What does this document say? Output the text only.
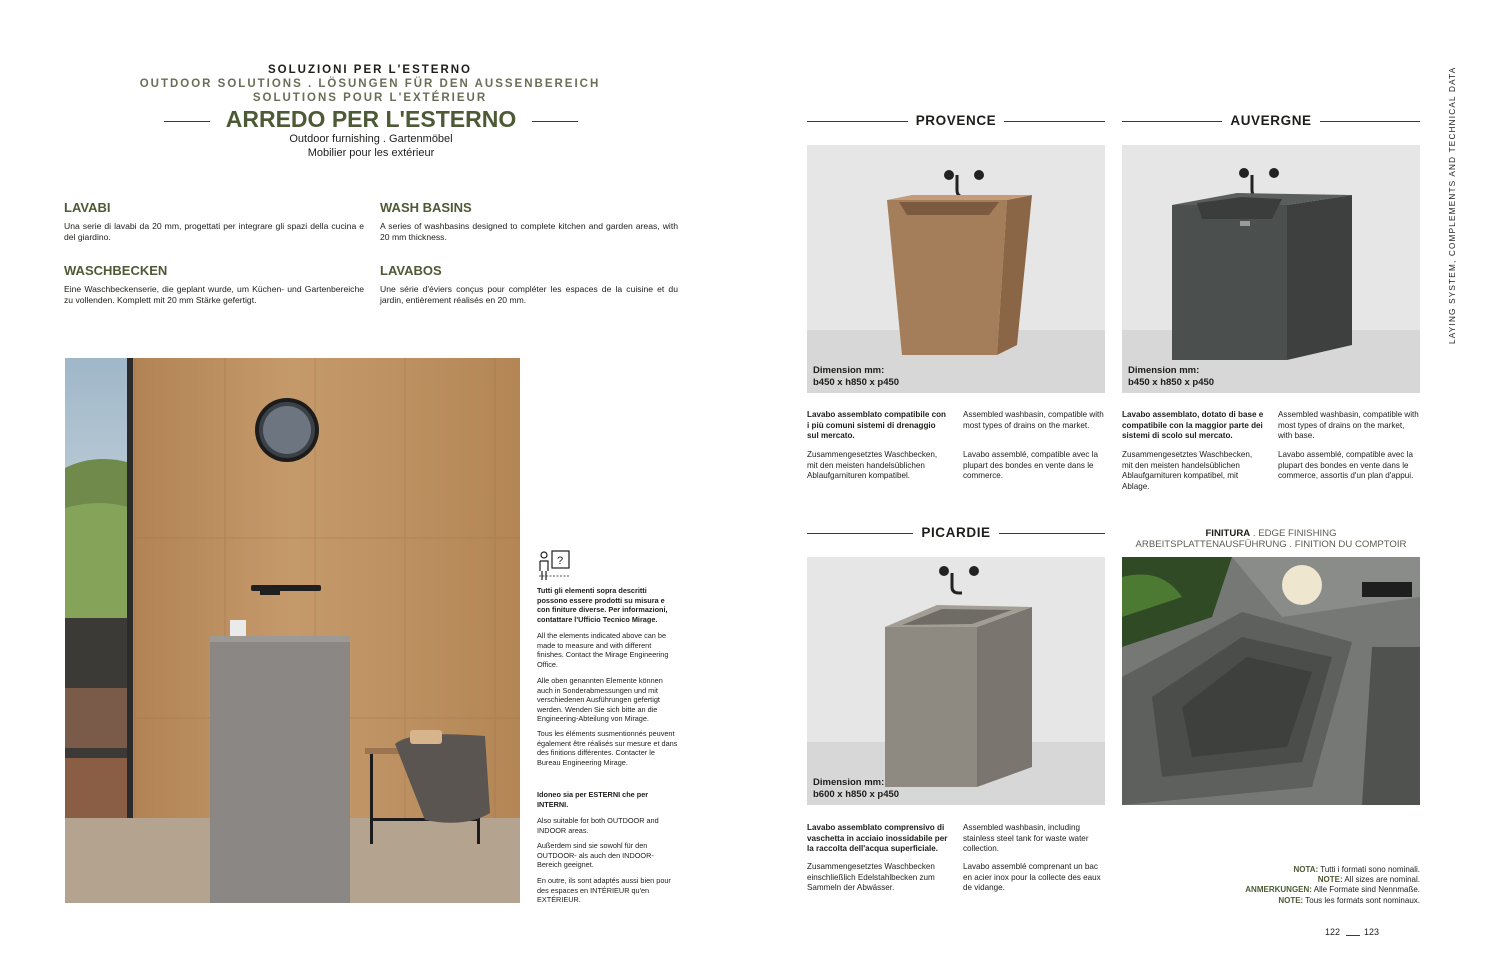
SOLUZIONI PER L'ESTERNO
OUTDOOR SOLUTIONS . LÖSUNGEN FÜR DEN AUSSENBEREICH
SOLUTIONS POUR L'EXTÉRIEUR
ARREDO PER L'ESTERNO
Outdoor furnishing . Gartenmöbel
Mobilier pour les extérieur
LAVABI
Una serie di lavabi da 20 mm, progettati per integrare gli spazi della cucina e del giardino.
WASH BASINS
A series of washbasins designed to complete kitchen and garden areas, with 20 mm thickness.
WASCHBECKEN
Eine Waschbeckenserie, die geplant wurde, um Küchen- und Gartenbereiche zu vollenden. Komplett mit 20 mm Stärke gefertigt.
LAVABOS
Une série d'éviers conçus pour compléter les espaces de la cuisine et du jardin, entièrement réalisés en 20 mm.
?
Tutti gli elementi sopra descritti possono essere prodotti su misura e con finiture diverse. Per informazioni, contattare l'Ufficio Tecnico Mirage.
All the elements indicated above can be made to measure and with different finishes. Contact the Mirage Engineering Office.
Alle oben genannten Elemente können auch in Sonderabmessungen und mit verschiedenen Ausführungen gefertigt werden. Wenden Sie sich bitte an die Engineering-Abteilung von Mirage.
Tous les éléments susmentionnés peuvent également être réalisés sur mesure et dans des finitions différentes. Contacter le Bureau Engineering Mirage.
Idoneo sia per ESTERNI che per INTERNI.
Also suitable for both OUTDOOR and INDOOR areas.
Außerdem sind sie sowohl für den OUTDOOR- als auch den INDOOR-Bereich geeignet.
En outre, ils sont adaptés aussi bien pour des espaces en INTÉRIEUR qu'en EXTÉRIEUR.
PROVENCE
Dimension mm:
b450 x h850 x p450
Lavabo assemblato compatibile con i più comuni sistemi di drenaggio sul mercato.
Zusammengesetztes Waschbecken, mit den meisten handelsüblichen Ablaufgarnituren kompatibel.
Assembled washbasin, compatible with most types of drains on the market.
Lavabo assemblé, compatible avec la plupart des bondes en vente dans le commerce.
AUVERGNE
Dimension mm:
b450 x h850 x p450
Lavabo assemblato, dotato di base e compatibile con la maggior parte dei sistemi di scolo sul mercato.
Zusammengesetztes Waschbecken, mit den meisten handelsüblichen Ablaufgarnituren kompatibel, mit Ablage.
Assembled washbasin, compatible with most types of drains on the market, with base.
Lavabo assemblé, compatible avec la plupart des bondes en vente dans le commerce, assortis d'un plan d'appui.
PICARDIE
Dimension mm:
b600 x h850 x p450
Lavabo assemblato comprensivo di vaschetta in acciaio inossidabile per la raccolta dell'acqua superficiale.
Zusammengesetztes Waschbecken einschließlich Edelstahlbecken zum Sammeln der Abwässer.
Assembled washbasin, including stainless steel tank for waste water collection.
Lavabo assemblé comprenant un bac en acier inox pour la collecte des eaux de vidange.
FINITURA . EDGE FINISHING
ARBEITSPLATTENAUSFÜHRUNG . FINITION DU COMPTOIR
LAYING SYSTEM, COMPLEMENTS AND TECHNICAL DATA
NOTA: Tutti i formati sono nominali.
NOTE: All sizes are nominal.
ANMERKUNGEN: Alle Formate sind Nennmaße.
NOTE: Tous les formats sont nominaux.
122	123
